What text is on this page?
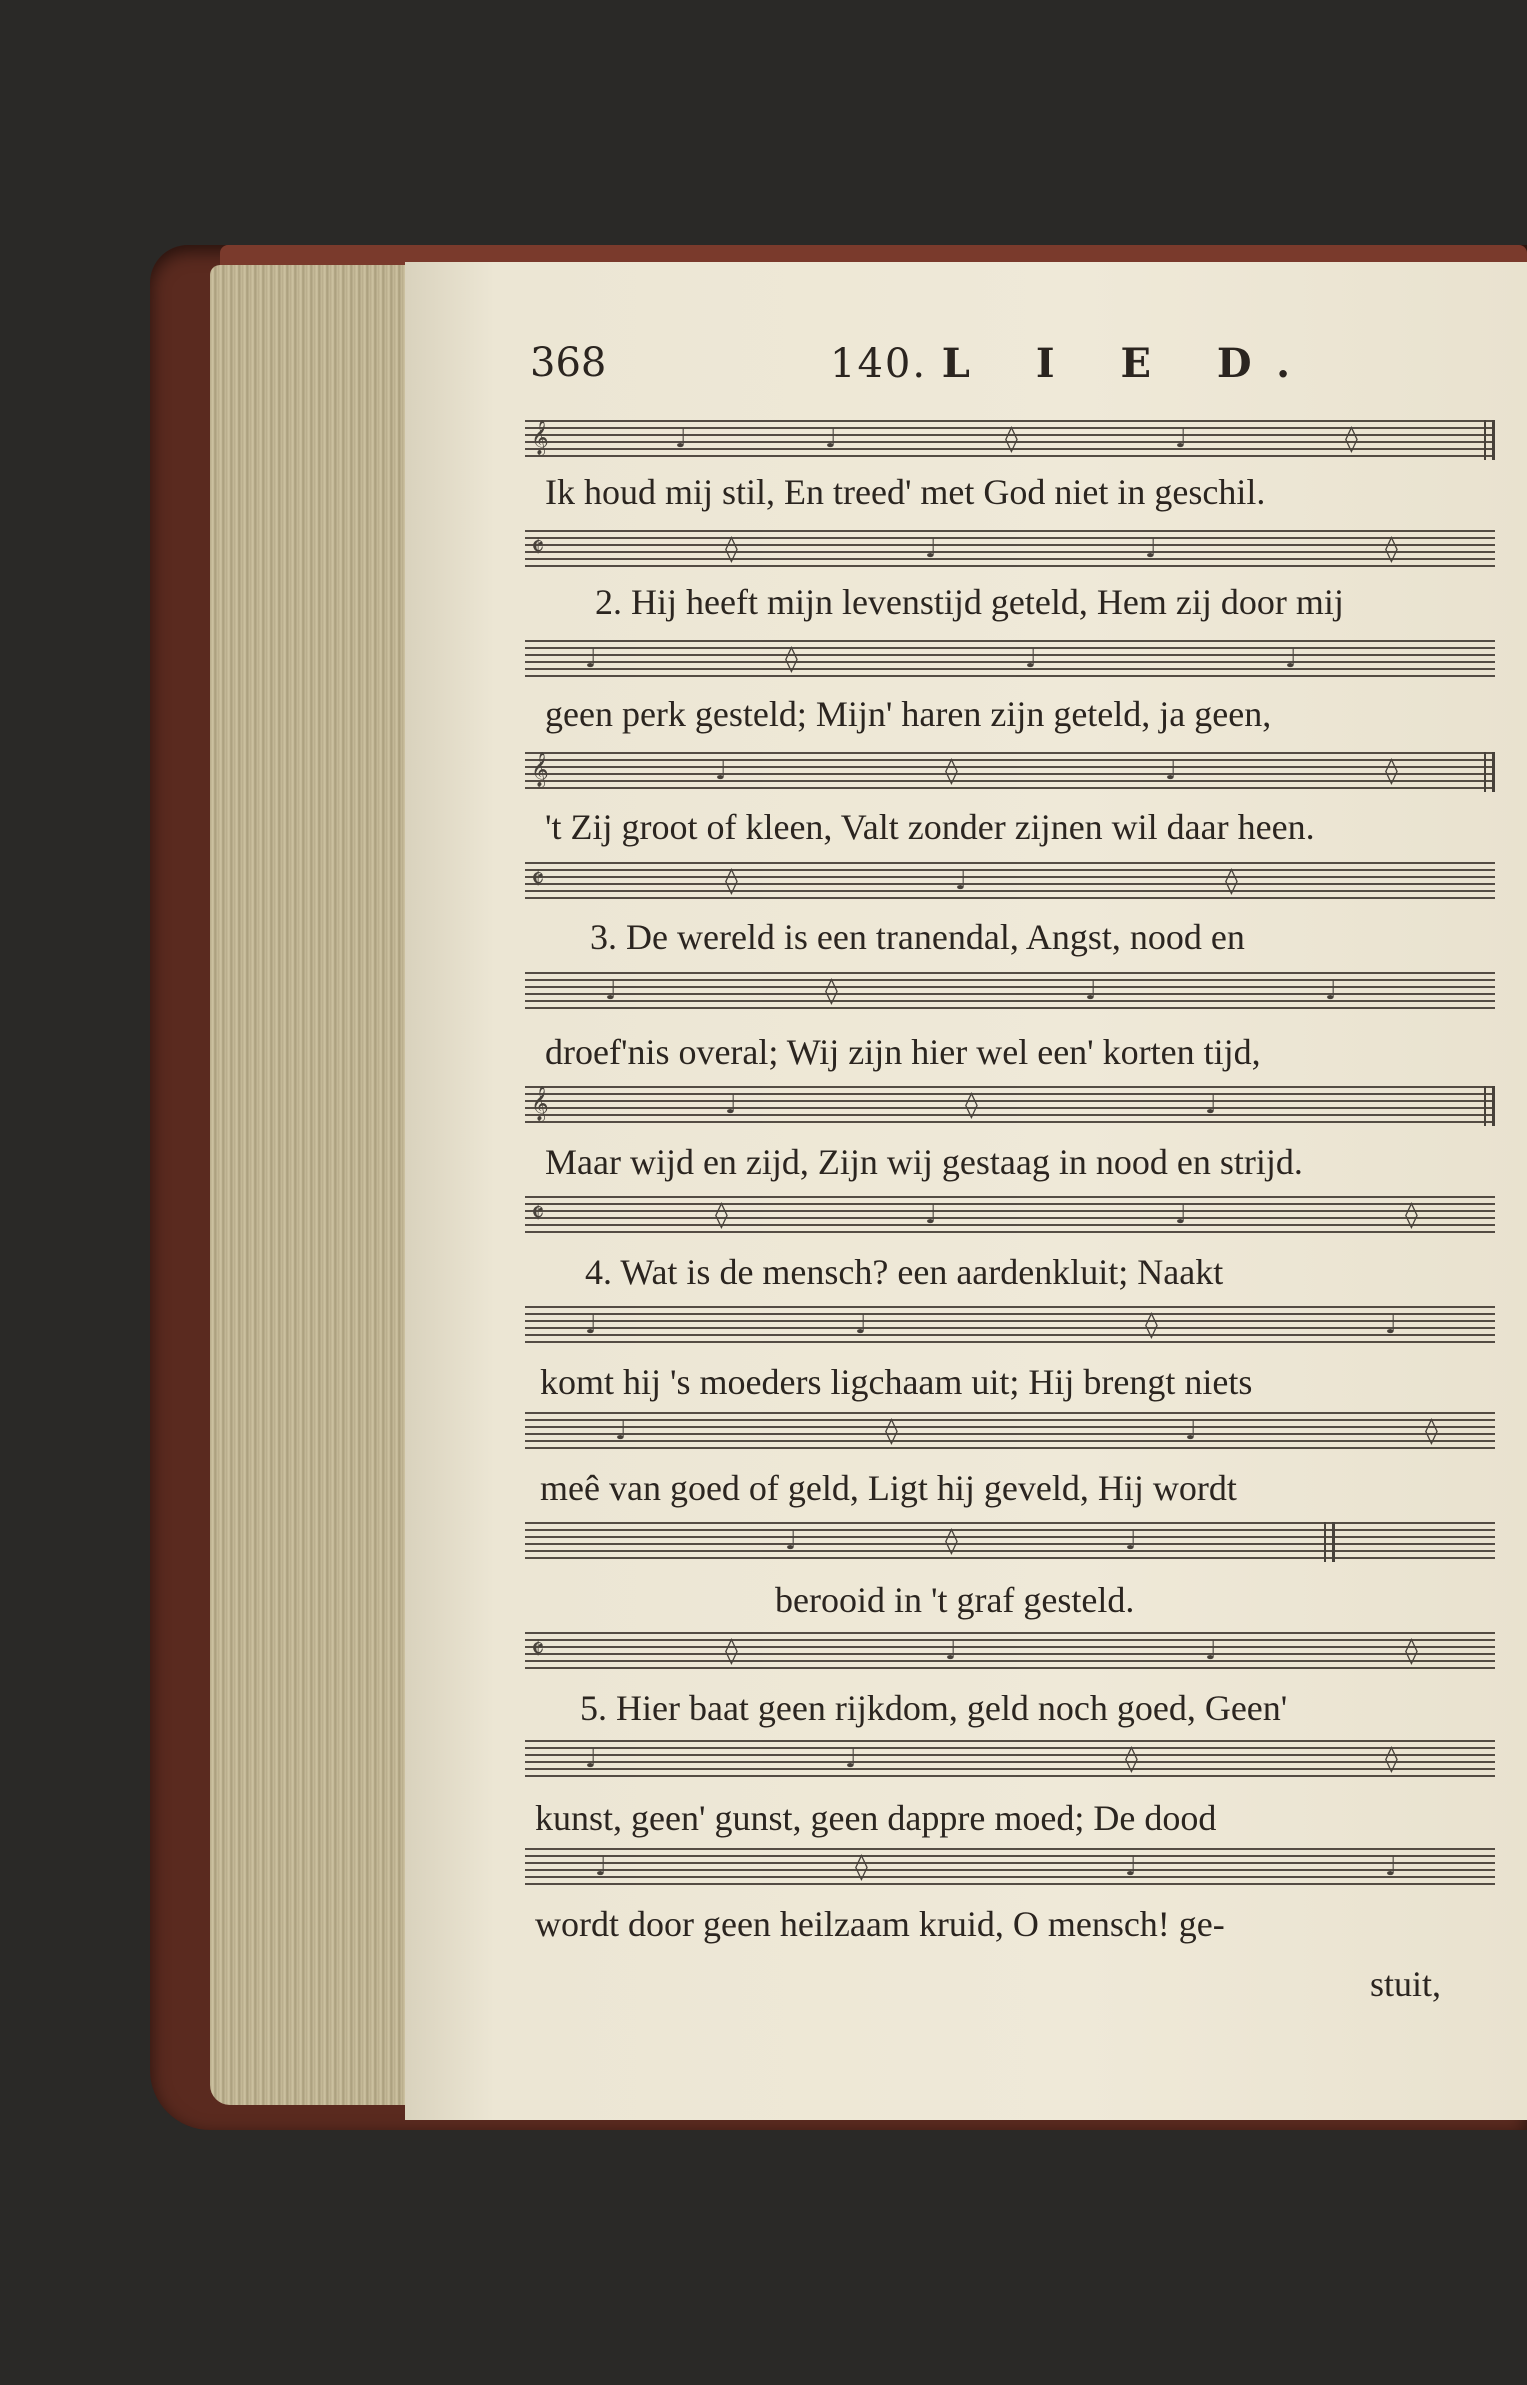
368	140. L I E D.
𝄞	♩	♩	◊	♩	◊
Ik houd mij stil, En treed' met God niet in geschil.
𝄵	◊	♩	♩	◊
2. Hij heeft mijn levenstijd geteld, Hem zij door mij
♩	◊	♩	♩
geen perk gesteld; Mijn' haren zijn geteld, ja geen,
𝄞	♩	◊	♩	◊
't Zij groot of kleen, Valt zonder zijnen wil daar heen.
𝄵	◊	♩	◊
3. De wereld is een tranendal, Angst, nood en
♩	◊	♩	♩
droef'nis overal; Wij zijn hier wel een' korten tijd,
𝄞	♩	◊	♩
Maar wijd en zijd, Zijn wij gestaag in nood en strijd.
𝄵	◊	♩	♩	◊
4. Wat is de mensch? een aardenkluit; Naakt
♩	♩	◊	♩
komt hij 's moeders ligchaam uit; Hij brengt niets
♩	◊	♩	◊
meê van goed of geld, Ligt hij geveld, Hij wordt
♩	◊	♩
berooid in 't graf gesteld.
𝄵	◊	♩	♩	◊
5. Hier baat geen rijkdom, geld noch goed, Geen'
♩	♩	◊	◊
kunst, geen' gunst, geen dappre moed; De dood
♩	◊	♩	♩
wordt door geen heilzaam kruid, O mensch! ge-
stuit,
